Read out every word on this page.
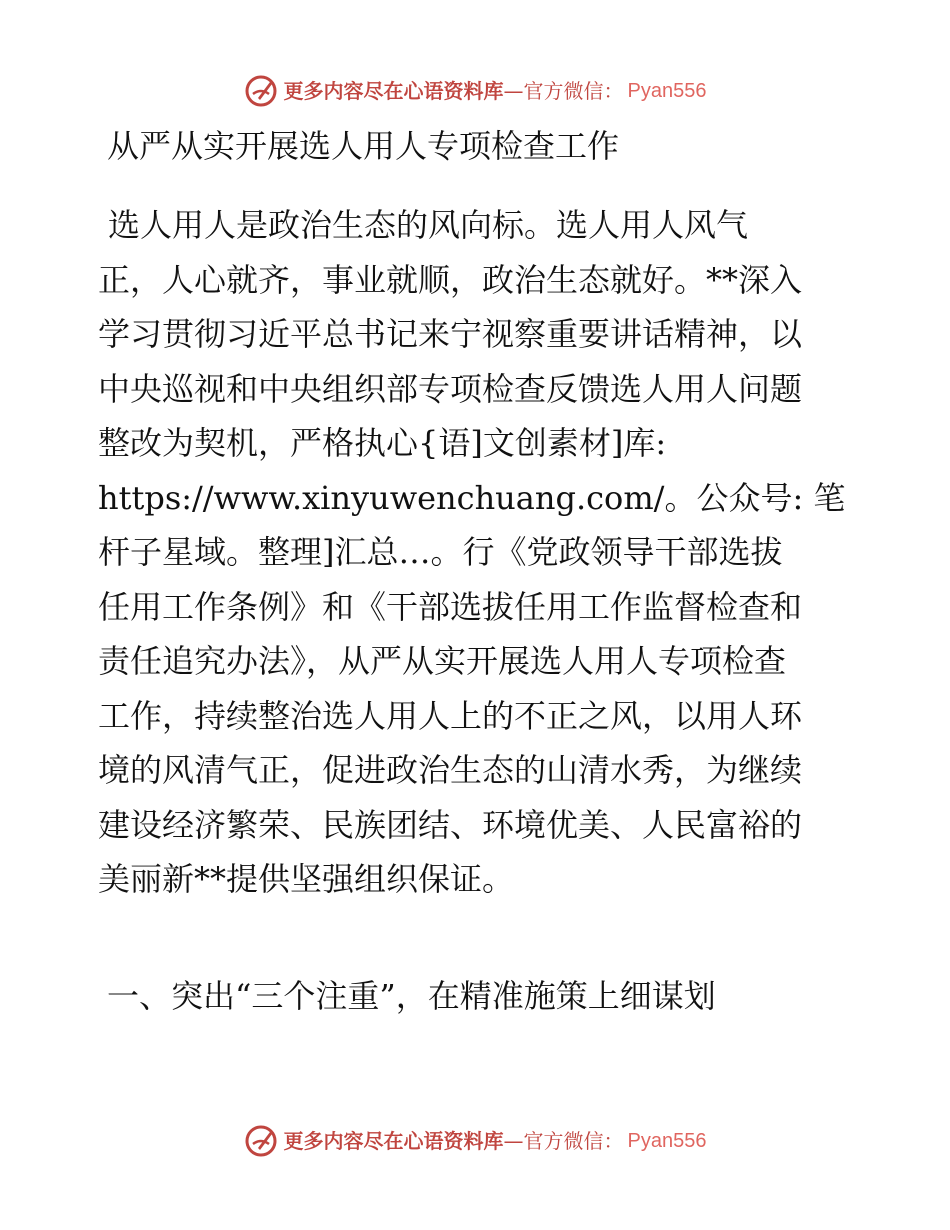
更多内容尽在心语资料库 — 官方微信： Pyan556
从严从实开展选人用人专项检查工作
选人用人是政治生态的风向标。选人用人风气
正，人心就齐，事业就顺，政治生态就好。**深入
学习贯彻习近平总书记来宁视察重要讲话精神，以
中央巡视和中央组织部专项检查反馈选人用人问题
整改为契机，严格执心{语]文创素材]库:
https://www.xinyuwenchuang.com/。公众号: 笔
杆子星域。整理]汇总…。行《党政领导干部选拔
任用工作条例》和《干部选拔任用工作监督检查和
责任追究办法》，从严从实开展选人用人专项检查
工作，持续整治选人用人上的不正之风，以用人环
境的风清气正，促进政治生态的山清水秀，为继续
建设经济繁荣、民族团结、环境优美、人民富裕的
美丽新**提供坚强组织保证。
一、突出“三个注重”，在精准施策上细谋划
更多内容尽在心语资料库 — 官方微信： Pyan556
